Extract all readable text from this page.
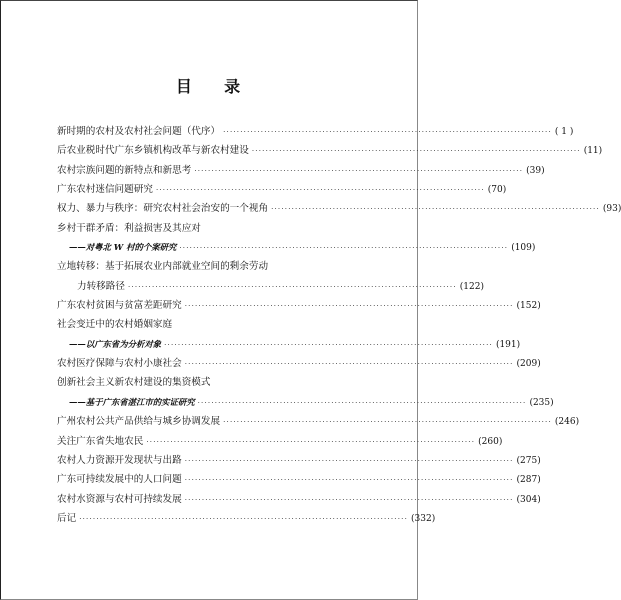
目    录
新时期的农村及农村社会问题（代序） ·····	( 1 )
后农业税时代广东乡镇机构改革与新农村建设 ·····	(11)
农村宗族问题的新特点和新思考 ·····	(39)
广东农村迷信问题研究 ·····	(70)
权力、暴力与秩序：研究农村社会治安的一个视角 ·····	(93)
乡村干群矛盾：利益损害及其应对
——对粤北 W 村的个案研究 ·····	(109)
立地转移：基于拓展农业内部就业空间的剩余劳动
力转移路径 ·····	(122)
广东农村贫困与贫富差距研究 ·····	(152)
社会变迁中的农村婚姻家庭
——以广东省为分析对象 ·····	(191)
农村医疗保障与农村小康社会 ·····	(209)
创新社会主义新农村建设的集资模式
——基于广东省湛江市的实证研究 ·····	(235)
广州农村公共产品供给与城乡协调发展 ·····	(246)
关注广东省失地农民 ·····	(260)
农村人力资源开发现状与出路 ·····	(275)
广东可持续发展中的人口问题 ·····	(287)
农村水资源与农村可持续发展 ·····	(304)
后记 ·····	(332)
